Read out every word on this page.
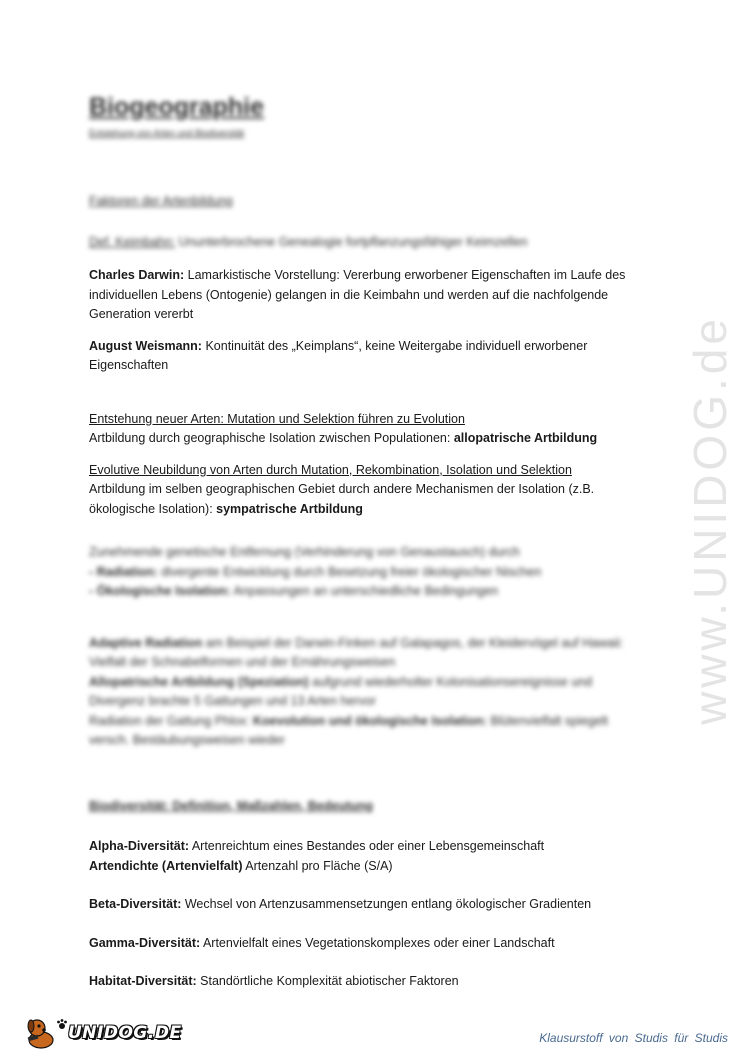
www.UNIDOG.de
Biogeographie
Entstehung von Arten und Biodiversität
Faktoren der Artenbildung
Def. Keimbahn: Ununterbrochene Genealogie fortpflanzungsfähiger Keimzellen

Charles Darwin: Lamarkistische Vorstellung: Vererbung erworbener Eigenschaften im Laufe des individuellen Lebens (Ontogenie) gelangen in die Keimbahn und werden auf die nachfolgende Generation vererbt

August Weismann: Kontinuität des „Keimplans“, keine Weitergabe individuell erworbener Eigenschaften

Entstehung neuer Arten: Mutation und Selektion führen zu Evolution
Artbildung durch geographische Isolation zwischen Populationen: allopatrische Artbildung
Evolutive Neubildung von Arten durch Mutation, Rekombination, Isolation und Selektion
Artbildung im selben geographischen Gebiet durch andere Mechanismen der Isolation (z.B. ökologische Isolation): sympatrische Artbildung
Zunehmende genetische Entfernung (Verhinderung von Genaustausch) durch
- Radiation: divergente Entwicklung durch Besetzung freier ökologischer Nischen
- Ökologische Isolation: Anpassungen an unterschiedliche Bedingungen
Adaptive Radiation am Beispiel der Darwin-Finken auf Galapagos, der Kleidervögel auf Hawaii: Vielfalt der Schnabelformen und der Ernährungsweisen
Allopatrische Artbildung (Speziation) aufgrund wiederholter Kolonisationsereignisse und Divergenz brachte 5 Gattungen und 13 Arten hervor
Radiation der Gattung Phlox: Koevolution und ökologische Isolation: Blütenvielfalt spiegelt versch. Bestäubungsweisen wieder
Biodiversität: Definition, Maßzahlen, Bedeutung
Alpha-Diversität: Artenreichtum eines Bestandes oder einer Lebensgemeinschaft
Artendichte (Artenvielfalt) Artenzahl pro Fläche (S/A)
Beta-Diversität: Wechsel von Artenzusammensetzungen entlang ökologischer Gradienten
Gamma-Diversität: Artenvielfalt eines Vegetationskomplexes oder einer Landschaft
Habitat-Diversität: Standörtliche Komplexität abiotischer Faktoren
UNIDOG.DE	Klausurstoff von Studis für Studis
